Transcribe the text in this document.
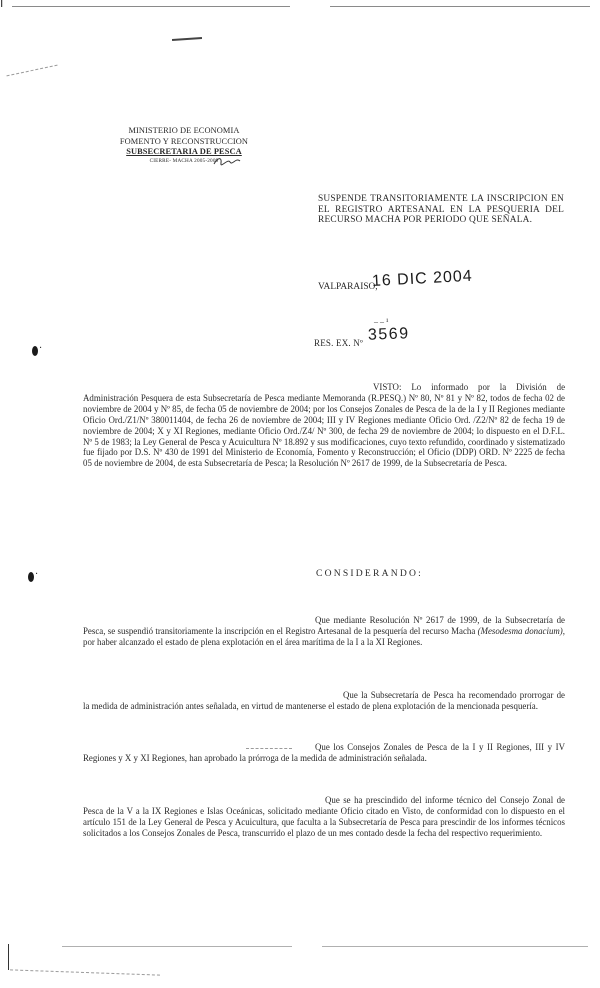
ı
MINISTERIO DE ECONOMIA
FOMENTO Y RECONSTRUCCION
SUBSECRETARIA DE PESCA
CIERRE- MACHA 2005-2009
SUSPENDE TRANSITORIAMENTE LA INSCRIPCION EN EL REGISTRO ARTESANAL EN LA PESQUERIA DEL RECURSO MACHA POR PERIODO QUE SEÑALA.
VALPARAISO,
16 DIC 2004
– – ¹
RES. EX. Nº 3569
·
·
VISTO: Lo informado por la División de Administración Pesquera de esta Subsecretaría de Pesca mediante Memoranda (R.PESQ.) Nº 80, Nº 81 y Nº 82, todos de fecha 02 de noviembre de 2004 y Nº 85, de fecha 05 de noviembre de 2004; por los Consejos Zonales de Pesca de la de la I y II Regiones mediante Oficio Ord./Z1/Nº 380011404, de fecha 26 de noviembre de 2004; III y IV Regiones mediante Oficio Ord. /Z2/Nº 82 de fecha 19 de noviembre de 2004; X y XI Regiones, mediante Oficio Ord./Z4/ Nº 300, de fecha 29 de noviembre de 2004; lo dispuesto en el D.F.L. Nº 5 de 1983; la Ley General de Pesca y Acuicultura Nº 18.892 y sus modificaciones, cuyo texto refundido, coordinado y sistematizado fue fijado por D.S. Nº 430 de 1991 del Ministerio de Economía, Fomento y Reconstrucción; el Oficio (DDP) ORD. Nº 2225 de fecha 05 de noviembre de 2004, de esta Subsecretaría de Pesca; la Resolución Nº 2617 de 1999, de la Subsecretaría de Pesca.
CONSIDERANDO:
Que mediante Resolución Nº 2617 de 1999, de la Subsecretaría de Pesca, se suspendió transitoriamente la inscripción en el Registro Artesanal de la pesquería del recurso Macha (Mesodesma donacium), por haber alcanzado el estado de plena explotación en el área marítima de la I a la XI Regiones.
Que la Subsecretaría de Pesca ha recomendado prorrogar de la medida de administración antes señalada, en virtud de mantenerse el estado de plena explotación de la mencionada pesquería.
Que los Consejos Zonales de Pesca de la I y II Regiones, III y IV Regiones y X y XI Regiones, han aprobado la prórroga de la medida de administración señalada.
Que se ha prescindido del informe técnico del Consejo Zonal de Pesca de la V a la IX Regiones e Islas Oceánicas, solicitado mediante Oficio citado en Visto, de conformidad con lo dispuesto en el artículo 151 de la Ley General de Pesca y Acuicultura, que faculta a la Subsecretaría de Pesca para prescindir de los informes técnicos solicitados a los Consejos Zonales de Pesca, transcurrido el plazo de un mes contado desde la fecha del respectivo requerimiento.
